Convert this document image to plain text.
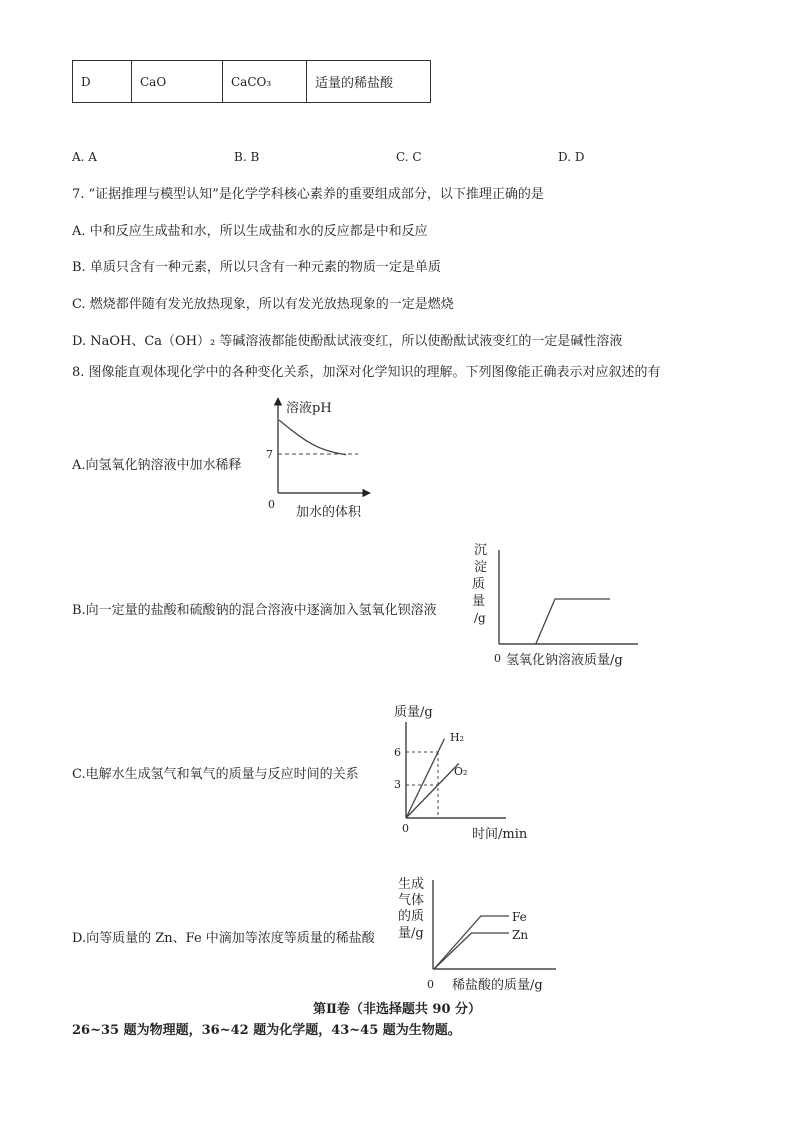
D	CaO	CaCO₃	适量的稀盐酸
A. A	B. B	C. C	D. D
7. “证据推理与模型认知”是化学学科核心素养的重要组成部分，以下推理正确的是
A. 中和反应生成盐和水，所以生成盐和水的反应都是中和反应
B. 单质只含有一种元素，所以只含有一种元素的物质一定是单质
C. 燃烧都伴随有发光放热现象，所以有发光放热现象的一定是燃烧
D. NaOH、Ca（OH）₂ 等碱溶液都能使酚酞试液变红，所以使酚酞试液变红的一定是碱性溶液
8. 图像能直观体现化学中的各种变化关系，加深对化学知识的理解。下列图像能正确表示对应叙述的有
A.向氢氧化钠溶液中加水稀释
B.向一定量的盐酸和硫酸钠的混合溶液中逐滴加入氢氧化钡溶液
C.电解水生成氢气和氧气的质量与反应时间的关系
D.向等质量的 Zn、Fe 中滴加等浓度等质量的稀盐酸
溶液pH
加水的体积
0
7
沉
淀
质
量
/g
0 氢氧化钠溶液质量/g
质量/g
0	时间/min
6
3
H₂
O₂
生成
气体
的质
量/g
0 稀盐酸的质量/g
Fe
Zn
第Ⅱ卷（非选择题共 90 分）
26~35 题为物理题，36~42 题为化学题，43~45 题为生物题。
